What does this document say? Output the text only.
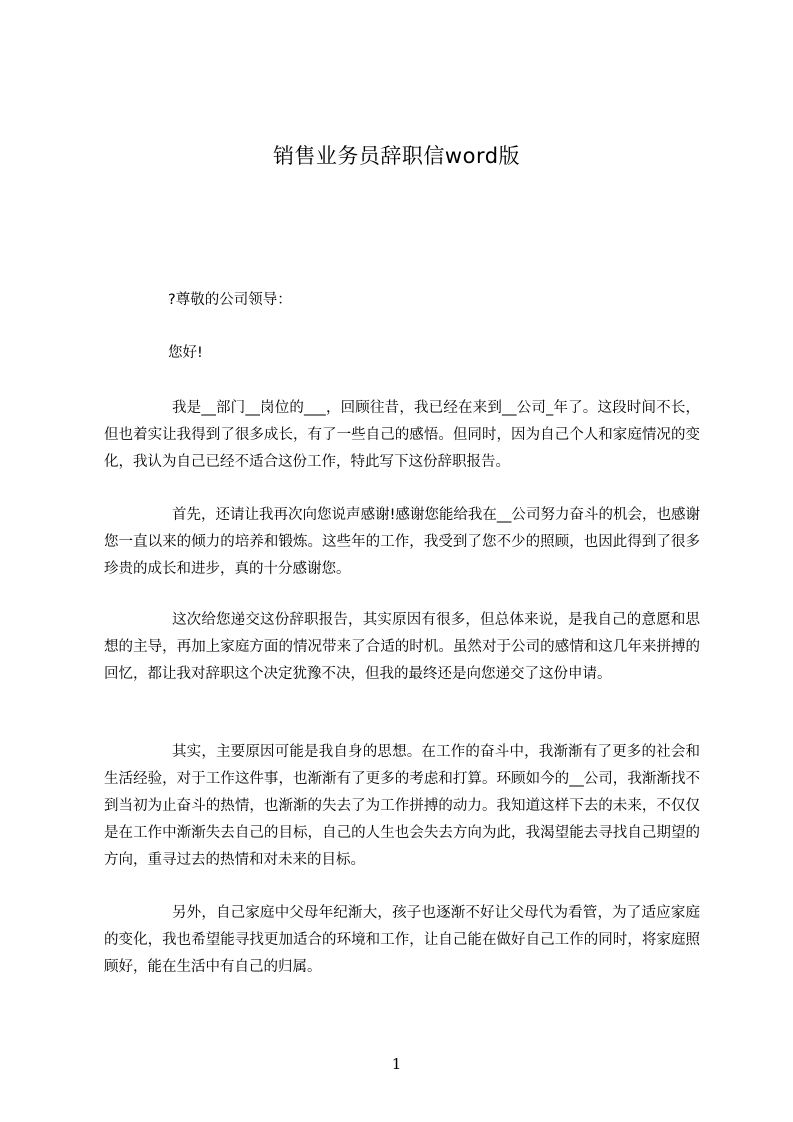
销售业务员辞职信word版
?尊敬的公司领导：
您好!

我是__部门__岗位的___，回顾往昔，我已经在来到__公司_年了。这段时间不长，但也着实让我得到了很多成长，有了一些自己的感悟。但同时，因为自己个人和家庭情况的变化，我认为自己已经不适合这份工作，特此写下这份辞职报告。

首先，还请让我再次向您说声感谢!感谢您能给我在__公司努力奋斗的机会，也感谢您一直以来的倾力的培养和锻炼。这些年的工作，我受到了您不少的照顾，也因此得到了很多珍贵的成长和进步，真的十分感谢您。

这次给您递交这份辞职报告，其实原因有很多，但总体来说，是我自己的意愿和思想的主导，再加上家庭方面的情况带来了合适的时机。虽然对于公司的感情和这几年来拼搏的回忆，都让我对辞职这个决定犹豫不决，但我的最终还是向您递交了这份申请。

其实，主要原因可能是我自身的思想。在工作的奋斗中，我渐渐有了更多的社会和生活经验，对于工作这件事，也渐渐有了更多的考虑和打算。环顾如今的__公司，我渐渐找不到当初为止奋斗的热情，也渐渐的失去了为工作拼搏的动力。我知道这样下去的未来，不仅仅是在工作中渐渐失去自己的目标，自己的人生也会失去方向为此，我渴望能去寻找自己期望的方向，重寻过去的热情和对未来的目标。

另外，自己家庭中父母年纪渐大，孩子也逐渐不好让父母代为看管，为了适应家庭的变化，我也希望能寻找更加适合的环境和工作，让自己能在做好自己工作的同时，将家庭照顾好，能在生活中有自己的归属。

1
